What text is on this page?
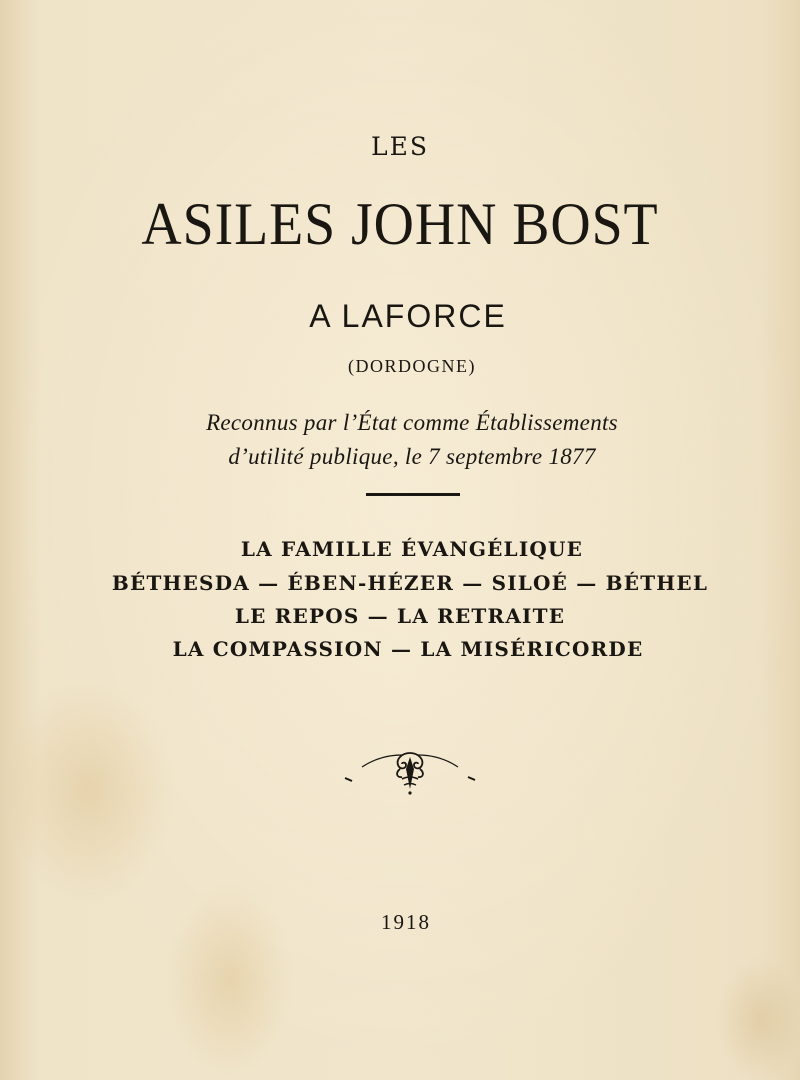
LES
ASILES JOHN BOST
A LAFORCE
(DORDOGNE)
Reconnus par l’État comme Établissements
d’utilité publique, le 7 septembre 1877
LA FAMILLE ÉVANGÉLIQUE
BÉTHESDA — ÉBEN-HÉZER — SILOÉ — BÉTHEL
LE REPOS — LA RETRAITE
LA COMPASSION — LA MISÉRICORDE
1918
